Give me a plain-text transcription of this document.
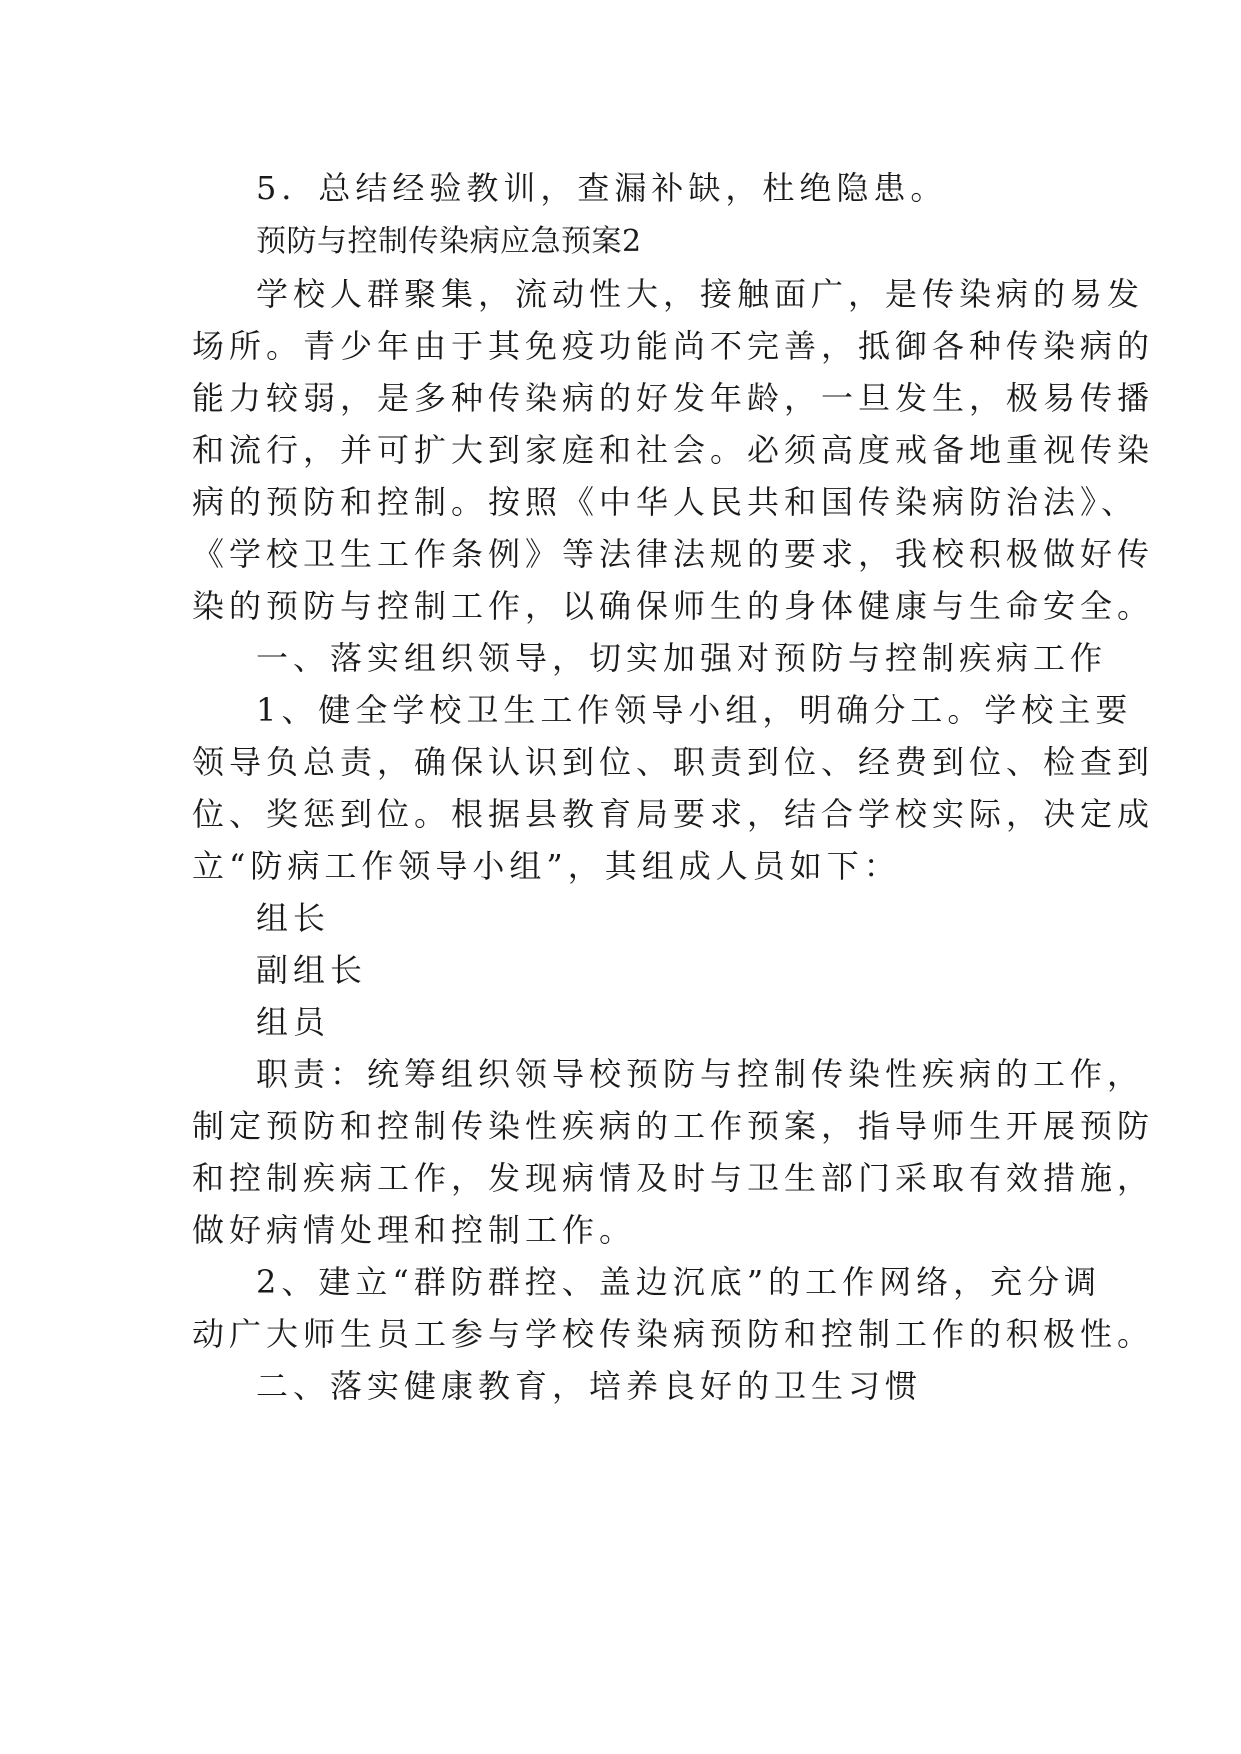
5．总结经验教训，查漏补缺，杜绝隐患。
预防与控制传染病应急预案2
学校人群聚集，流动性大，接触面广，是传染病的易发
场所。青少年由于其免疫功能尚不完善，抵御各种传染病的
能力较弱，是多种传染病的好发年龄，一旦发生，极易传播
和流行，并可扩大到家庭和社会。必须高度戒备地重视传染
病的预防和控制。按照《中华人民共和国传染病防治法》、
《学校卫生工作条例》等法律法规的要求，我校积极做好传
染的预防与控制工作，以确保师生的身体健康与生命安全。
一、落实组织领导，切实加强对预防与控制疾病工作
1、健全学校卫生工作领导小组，明确分工。学校主要
领导负总责，确保认识到位、职责到位、经费到位、检查到
位、奖惩到位。根据县教育局要求，结合学校实际，决定成
立“防病工作领导小组”，其组成人员如下：
组长
副组长
组员
职责：统筹组织领导校预防与控制传染性疾病的工作，
制定预防和控制传染性疾病的工作预案，指导师生开展预防
和控制疾病工作，发现病情及时与卫生部门采取有效措施，
做好病情处理和控制工作。
2、建立“群防群控、盖边沉底”的工作网络，充分调
动广大师生员工参与学校传染病预防和控制工作的积极性。
二、落实健康教育，培养良好的卫生习惯
